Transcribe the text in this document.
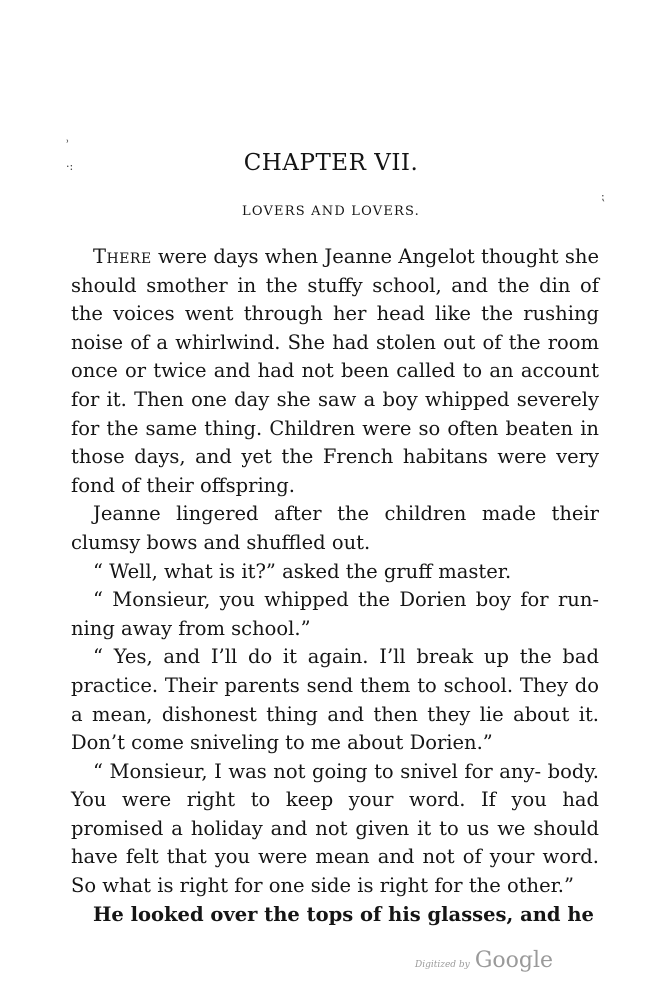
ʾ
·:
⁏
CHAPTER VII.
LOVERS AND LOVERS.

There were days when Jeanne Angelot thought she should smother in the stuffy school, and the din of the voices went through her head like the rushing noise of a whirlwind. She had stolen out of the room once or twice and had not been called to an account for it. Then one day she saw a boy whipped severely for the same thing. Children were so often beaten in those days, and yet the French habitans were very fond of their offspring.

Jeanne lingered after the children made their clumsy bows and shuffled out.

“ Well, what is it?” asked the gruff master.

“ Monsieur, you whipped the Dorien boy for run- ning away from school.”

“ Yes, and I’ll do it again. I’ll break up the bad practice. Their parents send them to school. They do a mean, dishonest thing and then they lie about it. Don’t come sniveling to me about Dorien.”

“ Monsieur, I was not going to snivel for any- body. You were right to keep your word. If you had promised a holiday and not given it to us we should have felt that you were mean and not of your word. So what is right for one side is right for the other.”

He looked over the tops of his glasses, and he

Digitized by Google
